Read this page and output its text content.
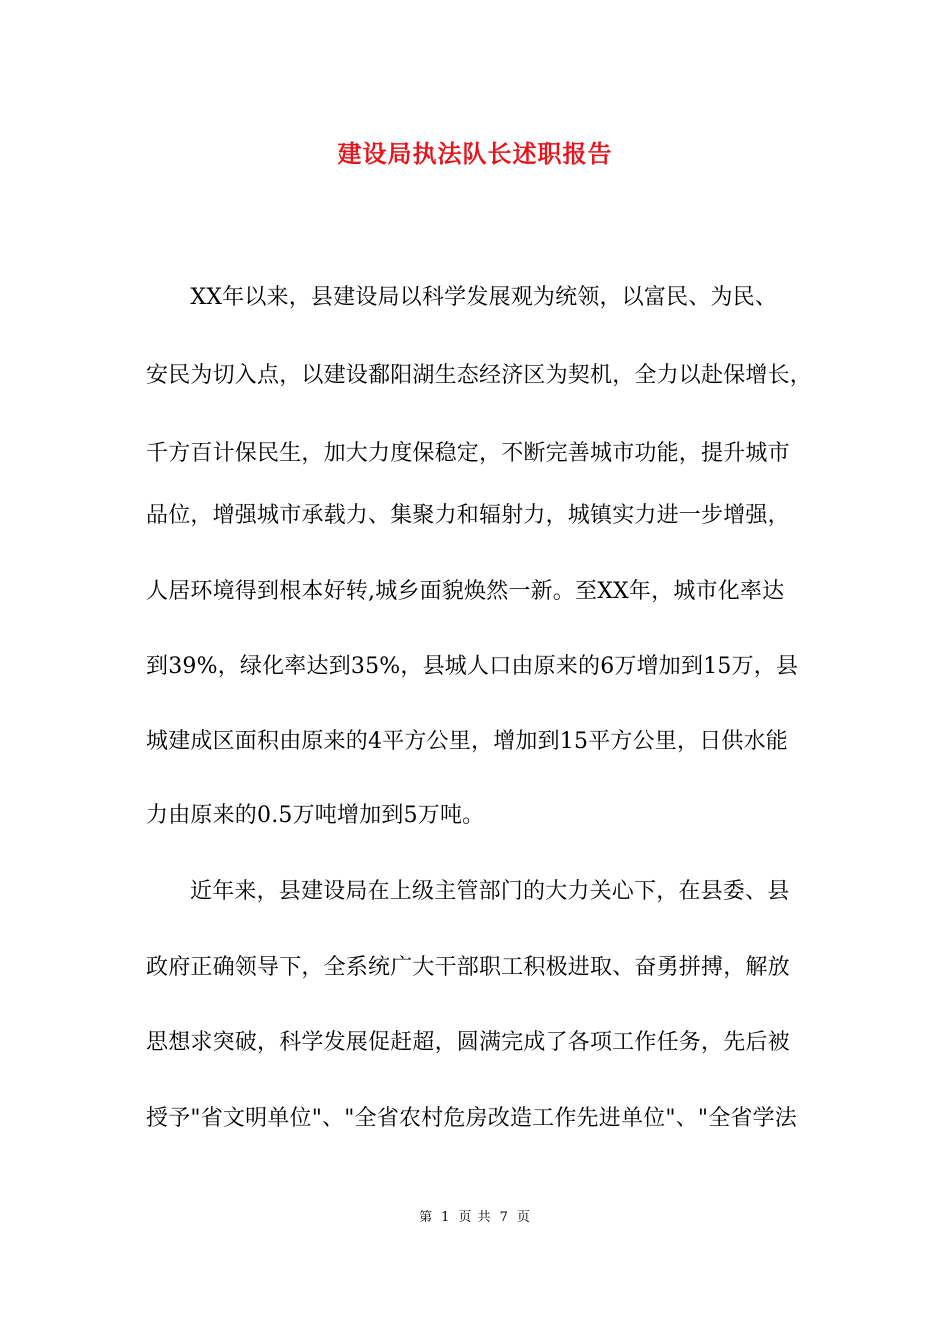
建设局执法队长述职报告
　　XX年以来，县建设局以科学发展观为统领，以富民、为民、
安民为切入点，以建设鄱阳湖生态经济区为契机，全力以赴保增长，
千方百计保民生，加大力度保稳定，不断完善城市功能，提升城市
品位，增强城市承载力、集聚力和辐射力，城镇实力进一步增强，
人居环境得到根本好转,城乡面貌焕然一新。至XX年，城市化率达
到39%，绿化率达到35%，县城人口由原来的6万增加到15万，县
城建成区面积由原来的4平方公里，增加到15平方公里，日供水能
力由原来的0.5万吨增加到5万吨。
近年来，县建设局在上级主管部门的大力关心下，在县委、县
政府正确领导下，全系统广大干部职工积极进取、奋勇拼搏，解放
思想求突破，科学发展促赶超，圆满完成了各项工作任务，先后被
授予"省文明单位"、"全省农村危房改造工作先进单位"、"全省学法
第 1 页 共 7 页
